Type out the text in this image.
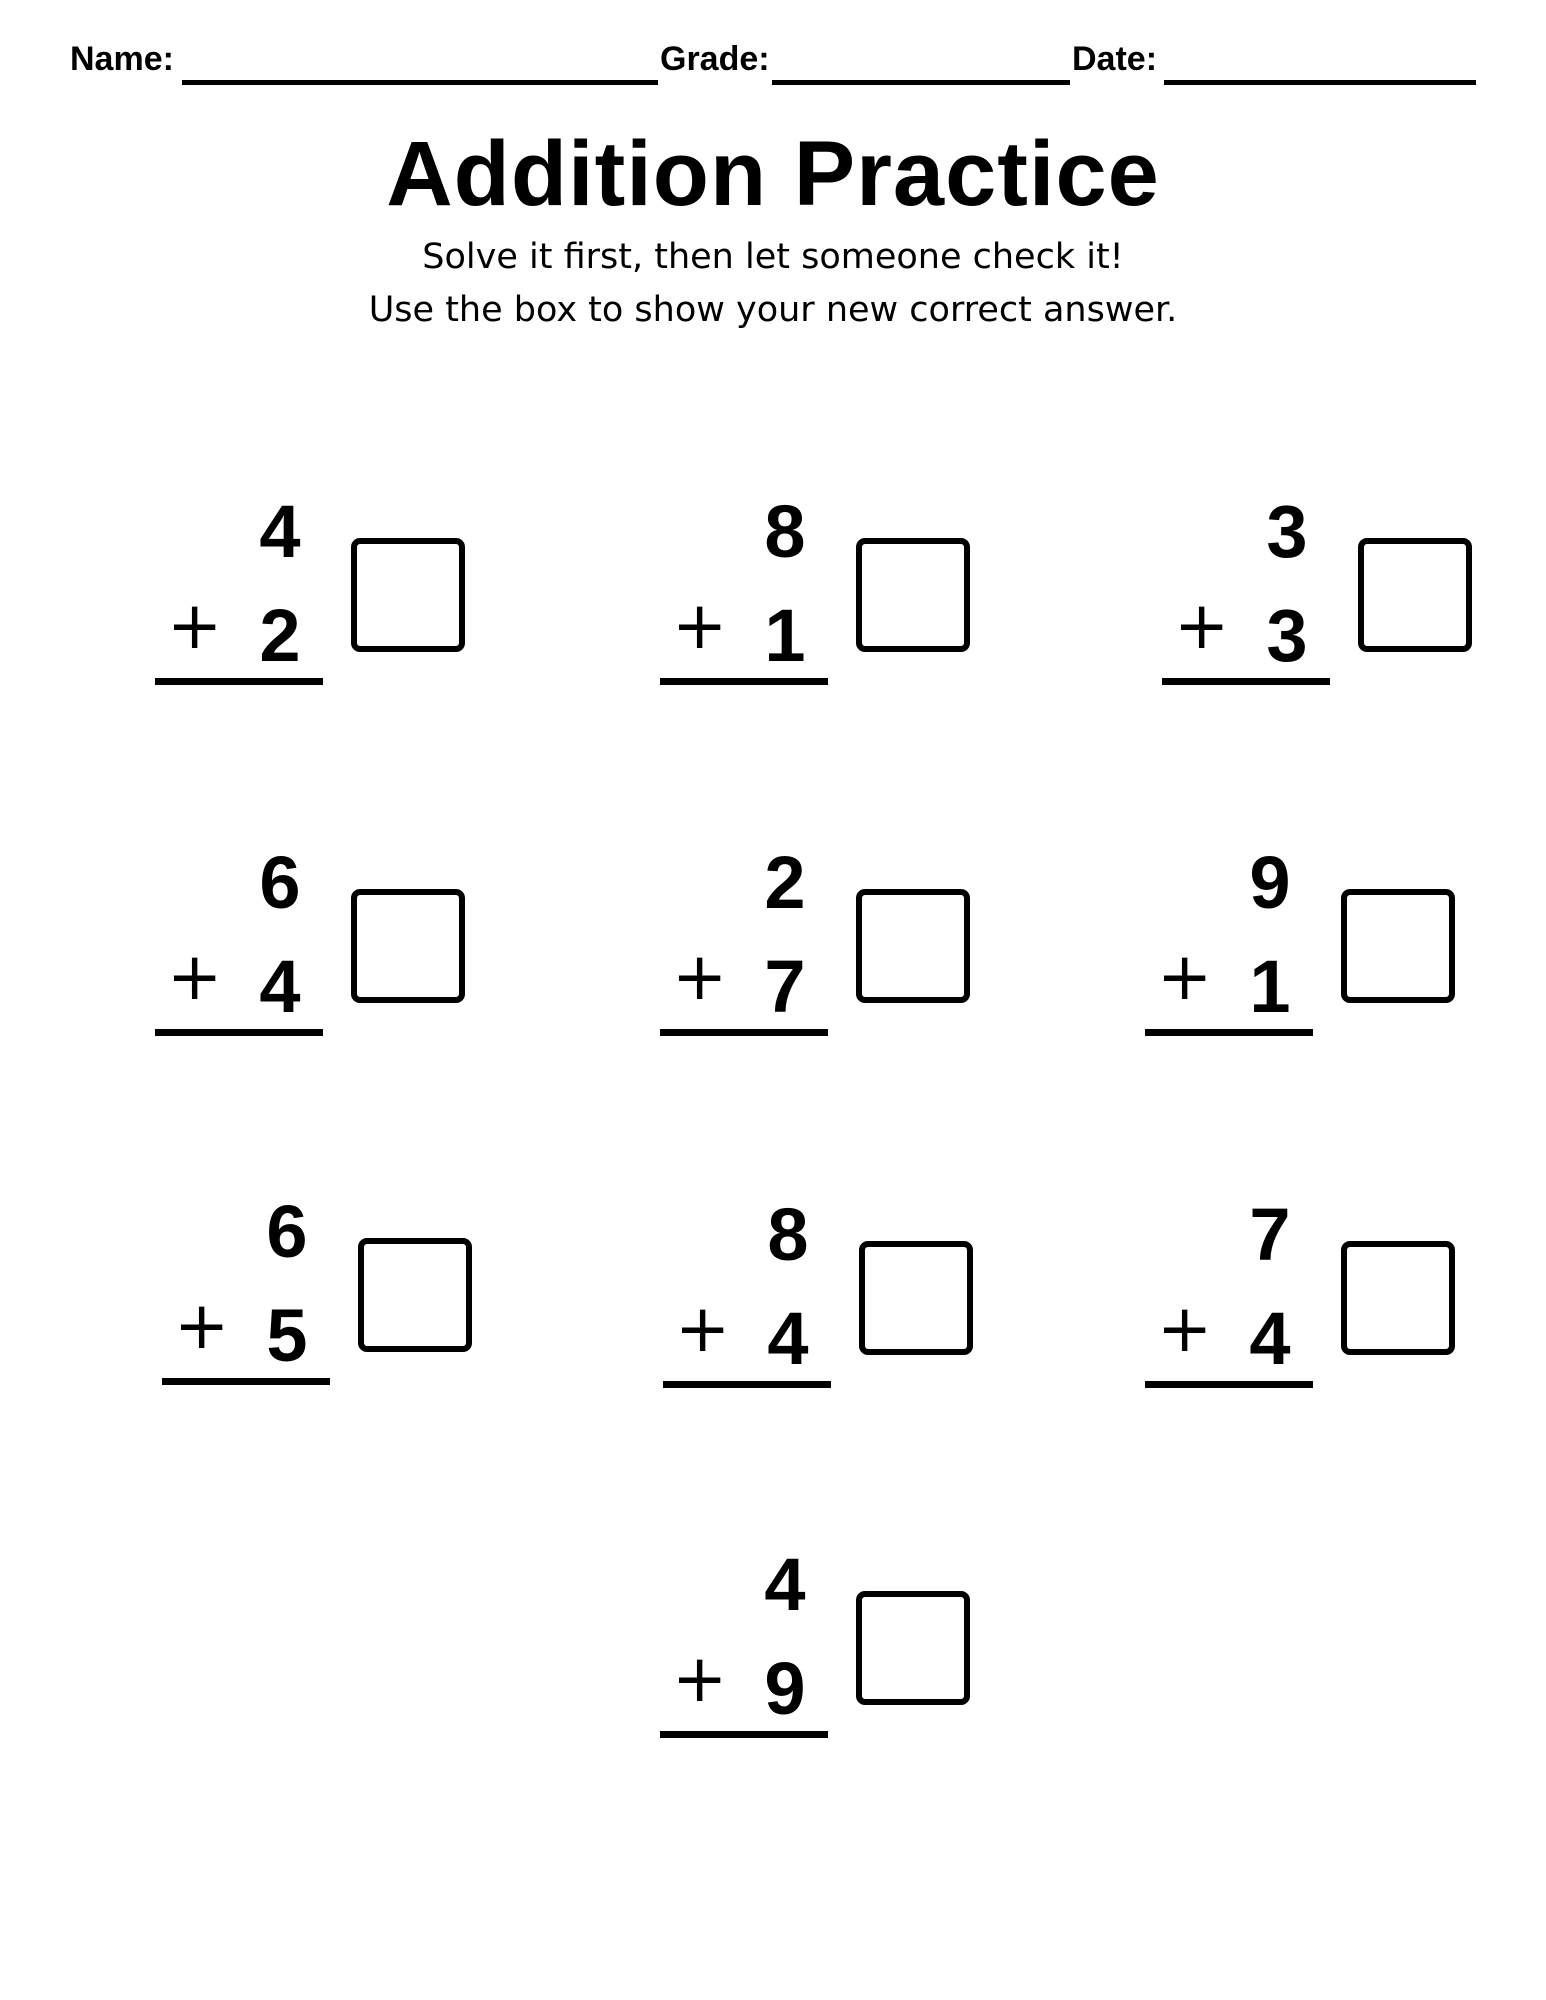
Name:	Grade:	Date:
Addition Practice
Solve it first, then let someone check it!
Use the box to show your new correct answer.
4
+ 2
8
+ 1
3
+ 3
6
+ 4
2
+ 7
9
+ 1
6
+ 5
8
+ 4
7
+ 4
4
+ 9
